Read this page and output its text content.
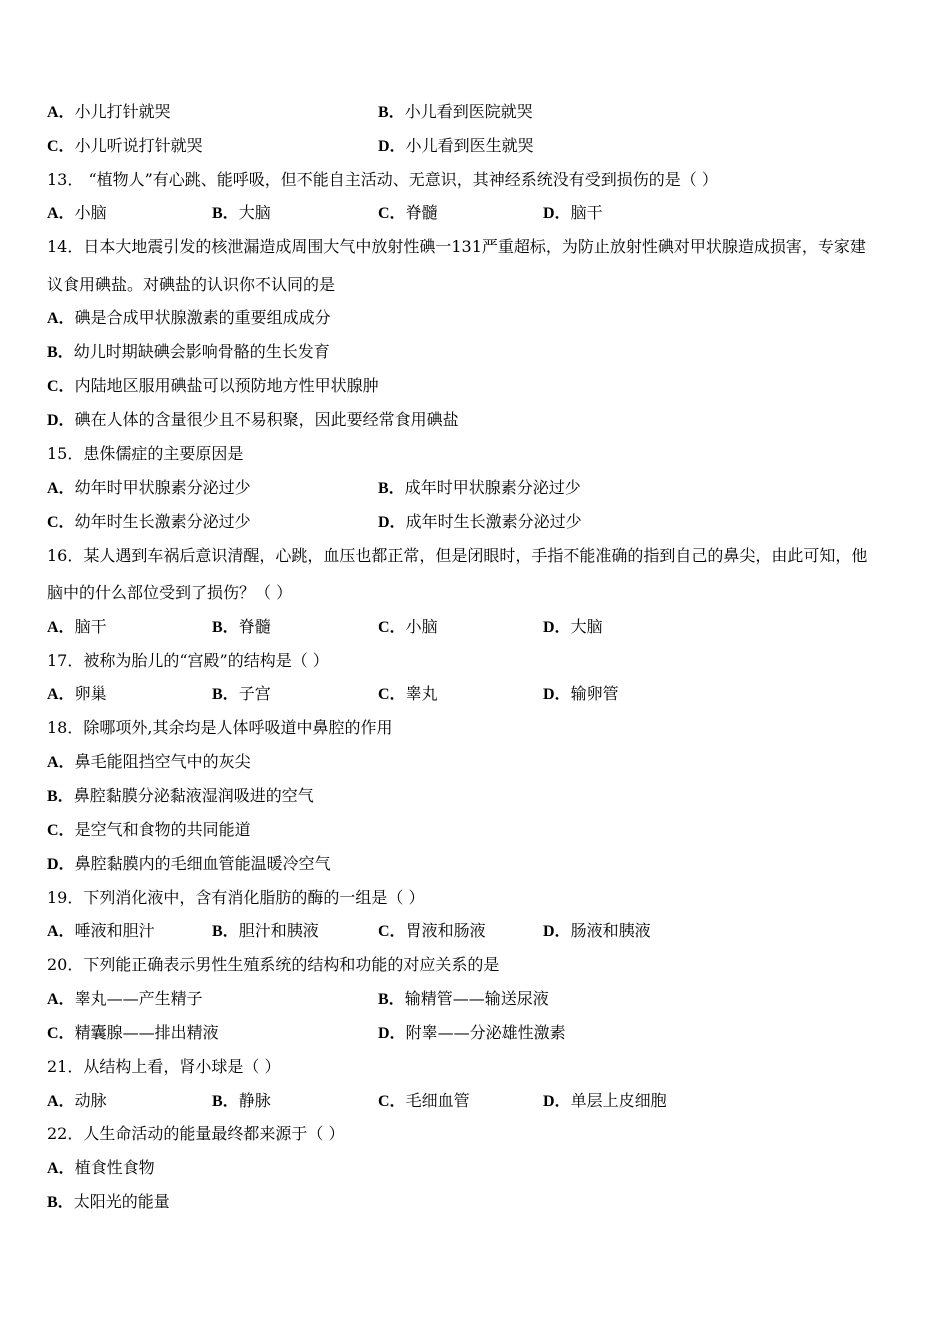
A．小儿打针就哭	B．小儿看到医院就哭
C．小儿听说打针就哭	D．小儿看到医生就哭
13． “植物人”有心跳、能呼吸，但不能自主活动、无意识，其神经系统没有受到损伤的是（ ）
A．小脑	B．大脑	C．脊髓	D．脑干
14．日本大地震引发的核泄漏造成周围大气中放射性碘一131严重超标，为防止放射性碘对甲状腺造成损害，专家建
议食用碘盐。对碘盐的认识你不认同的是
A．碘是合成甲状腺激素的重要组成成分
B．幼儿时期缺碘会影响骨骼的生长发育
C．内陆地区服用碘盐可以预防地方性甲状腺肿
D．碘在人体的含量很少且不易积聚，因此要经常食用碘盐
15．患侏儒症的主要原因是
A．幼年时甲状腺素分泌过少	B．成年时甲状腺素分泌过少
C．幼年时生长激素分泌过少	D．成年时生长激素分泌过少
16．某人遇到车祸后意识清醒，心跳，血压也都正常，但是闭眼时，手指不能准确的指到自己的鼻尖，由此可知，他
脑中的什么部位受到了损伤？（ ）
A．脑干	B．脊髓	C．小脑	D．大脑
17．被称为胎儿的“宫殿”的结构是（ ）
A．卵巢	B．子宫	C．睾丸	D．输卵管
18．除哪项外,其余均是人体呼吸道中鼻腔的作用
A．鼻毛能阻挡空气中的灰尖
B．鼻腔黏膜分泌黏液湿润吸进的空气
C．是空气和食物的共同能道
D．鼻腔黏膜内的毛细血管能温暖冷空气
19．下列消化液中，含有消化脂肪的酶的一组是（ ）
A．唾液和胆汁	B．胆汁和胰液	C．胃液和肠液	D．肠液和胰液
20．下列能正确表示男性生殖系统的结构和功能的对应关系的是
A．睾丸——产生精子	B．输精管——输送尿液
C．精囊腺——排出精液	D．附睾——分泌雄性激素
21．从结构上看，肾小球是（ ）
A．动脉	B．静脉	C．毛细血管	D．单层上皮细胞
22．人生命活动的能量最终都来源于（ ）
A．植食性食物
B．太阳光的能量
